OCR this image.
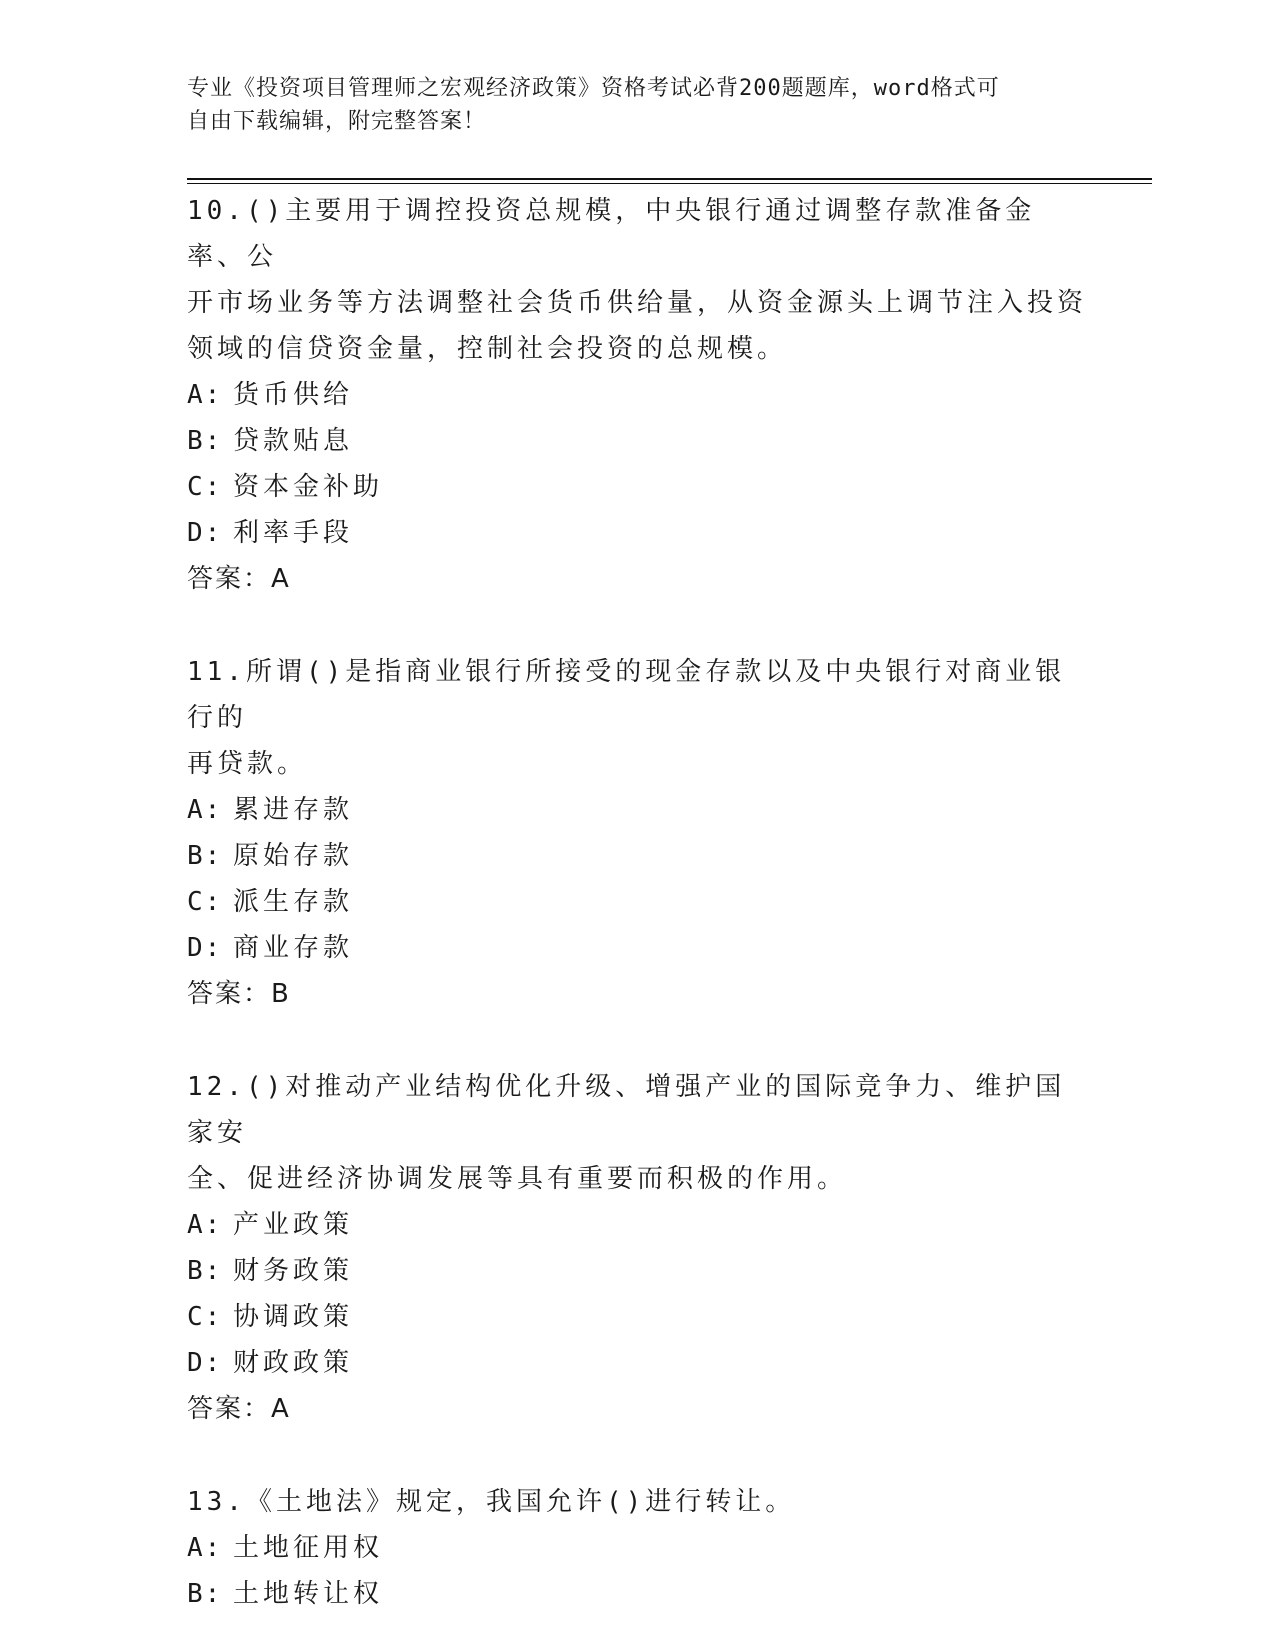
专业《投资项目管理师之宏观经济政策》资格考试必背200题题库，word格式可
自由下载编辑，附完整答案！
10.()主要用于调控投资总规模，中央银行通过调整存款准备金率、公
开市场业务等方法调整社会货币供给量，从资金源头上调节注入投资
领域的信贷资金量，控制社会投资的总规模。
A: 货币供给
B: 贷款贴息
C: 资本金补助
D: 利率手段
答案：A
11.所谓()是指商业银行所接受的现金存款以及中央银行对商业银行的
再贷款。
A: 累进存款
B: 原始存款
C: 派生存款
D: 商业存款
答案：B
12.()对推动产业结构优化升级、增强产业的国际竞争力、维护国家安
全、促进经济协调发展等具有重要而积极的作用。
A: 产业政策
B: 财务政策
C: 协调政策
D: 财政政策
答案：A
13.《土地法》规定，我国允许()进行转让。
A: 土地征用权
B: 土地转让权
